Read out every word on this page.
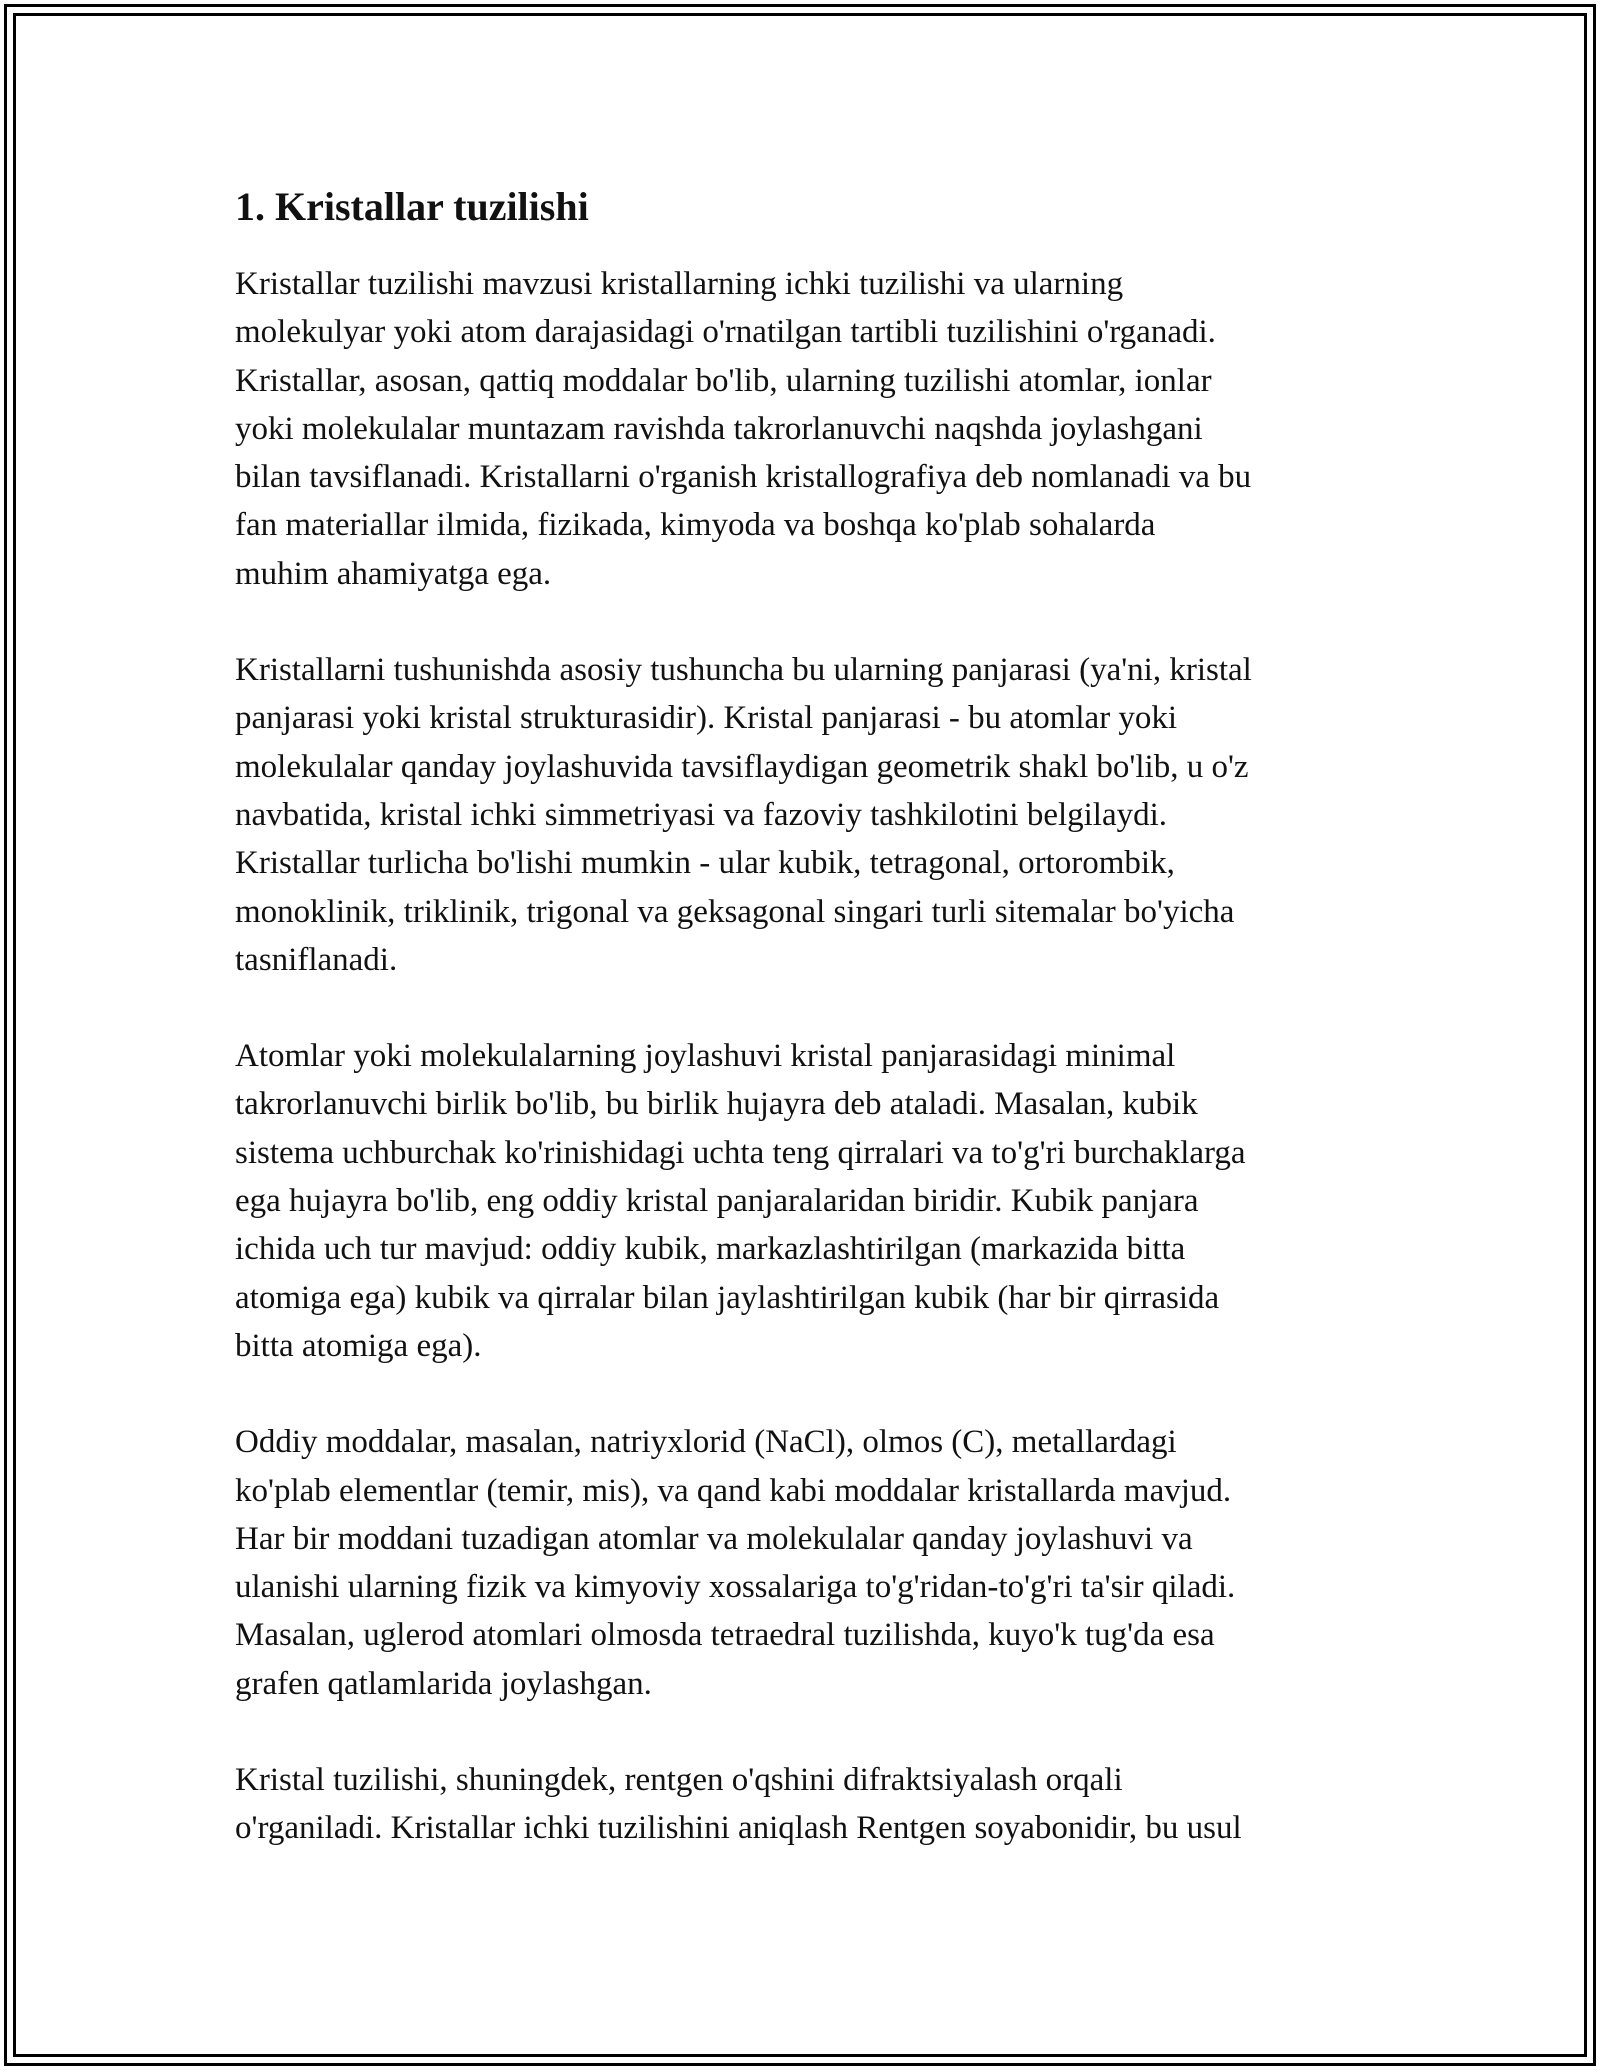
1. Kristallar tuzilishi

Kristallar tuzilishi mavzusi kristallarning ichki tuzilishi va ularning
molekulyar yoki atom darajasidagi o'rnatilgan tartibli tuzilishini o'rganadi.
Kristallar, asosan, qattiq moddalar bo'lib, ularning tuzilishi atomlar, ionlar
yoki molekulalar muntazam ravishda takrorlanuvchi naqshda joylashgani
bilan tavsiflanadi. Kristallarni o'rganish kristallografiya deb nomlanadi va bu
fan materiallar ilmida, fizikada, kimyoda va boshqa ko'plab sohalarda
muhim ahamiyatga ega.

Kristallarni tushunishda asosiy tushuncha bu ularning panjarasi (ya'ni, kristal
panjarasi yoki kristal strukturasidir). Kristal panjarasi - bu atomlar yoki
molekulalar qanday joylashuvida tavsiflaydigan geometrik shakl bo'lib, u o'z
navbatida, kristal ichki simmetriyasi va fazoviy tashkilotini belgilaydi.
Kristallar turlicha bo'lishi mumkin - ular kubik, tetragonal, ortorombik,
monoklinik, triklinik, trigonal va geksagonal singari turli sitemalar bo'yicha
tasniflanadi.

Atomlar yoki molekulalarning joylashuvi kristal panjarasidagi minimal
takrorlanuvchi birlik bo'lib, bu birlik hujayra deb ataladi. Masalan, kubik
sistema uchburchak ko'rinishidagi uchta teng qirralari va to'g'ri burchaklarga
ega hujayra bo'lib, eng oddiy kristal panjaralaridan biridir. Kubik panjara
ichida uch tur mavjud: oddiy kubik, markazlashtirilgan (markazida bitta
atomiga ega) kubik va qirralar bilan jaylashtirilgan kubik (har bir qirrasida
bitta atomiga ega).

Oddiy moddalar, masalan, natriyxlorid (NaCl), olmos (C), metallardagi
ko'plab elementlar (temir, mis), va qand kabi moddalar kristallarda mavjud.
Har bir moddani tuzadigan atomlar va molekulalar qanday joylashuvi va
ulanishi ularning fizik va kimyoviy xossalariga to'g'ridan-to'g'ri ta'sir qiladi.
Masalan, uglerod atomlari olmosda tetraedral tuzilishda, kuyo'k tug'da esa
grafen qatlamlarida joylashgan.

Kristal tuzilishi, shuningdek, rentgen o'qshini difraktsiyalash orqali
o'rganiladi. Kristallar ichki tuzilishini aniqlash Rentgen soyabonidir, bu usul
